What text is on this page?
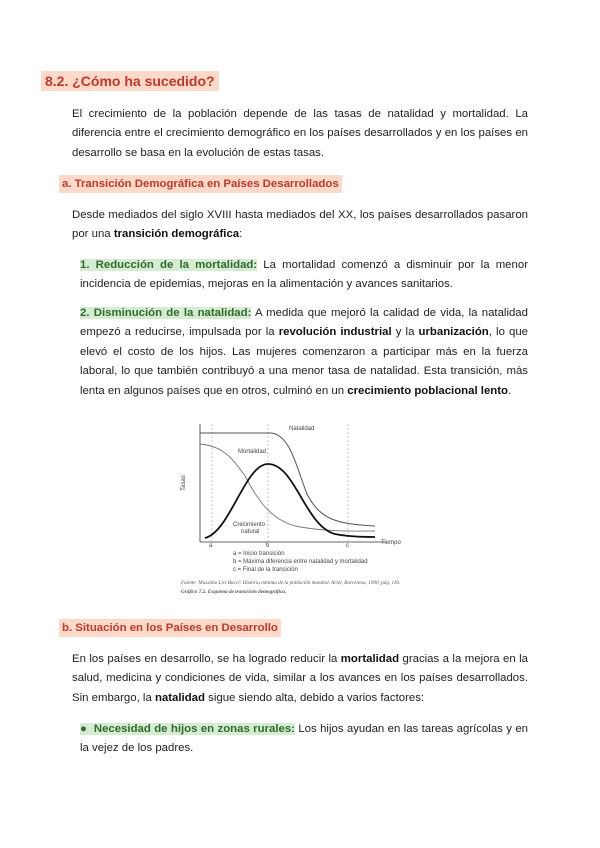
8.2. ¿Cómo ha sucedido?
El crecimiento de la población depende de las tasas de natalidad y mortalidad. La diferencia entre el crecimiento demográfico en los países desarrollados y en los países en desarrollo se basa en la evolución de estas tasas.
a. Transición Demográfica en Países Desarrollados
Desde mediados del siglo XVIII hasta mediados del XX, los países desarrollados pasaron por una transición demográfica:
1. Reducción de la mortalidad: La mortalidad comenzó a disminuir por la menor incidencia de epidemias, mejoras en la alimentación y avances sanitarios.
2. Disminución de la natalidad: A medida que mejoró la calidad de vida, la natalidad empezó a reducirse, impulsada por la revolución industrial y la urbanización, lo que elevó el costo de los hijos. Las mujeres comenzaron a participar más en la fuerza laboral, lo que también contribuyó a una menor tasa de natalidad. Esta transición, más lenta en algunos países que en otros, culminó en un crecimiento poblacional lento.
Natalidad
Mortalidad
Tasas
Crecimiento
natural
a	b	c	Tiempo
a = Inicio transición
b = Máxima diferencia entre natalidad y mortalidad
c = Final de la transición
Fuente: Massimo Livi Bacci: Historia mínima de la población mundial. Ariel, Barcelona, 1990, pág. 110.
Gráfico 7.2. Esquema de transición demográfica.
b. Situación en los Países en Desarrollo
En los países en desarrollo, se ha logrado reducir la mortalidad gracias a la mejora en la salud, medicina y condiciones de vida, similar a los avances en los países desarrollados. Sin embargo, la natalidad sigue siendo alta, debido a varios factores:
● Necesidad de hijos en zonas rurales: Los hijos ayudan en las tareas agrícolas y en la vejez de los padres.
